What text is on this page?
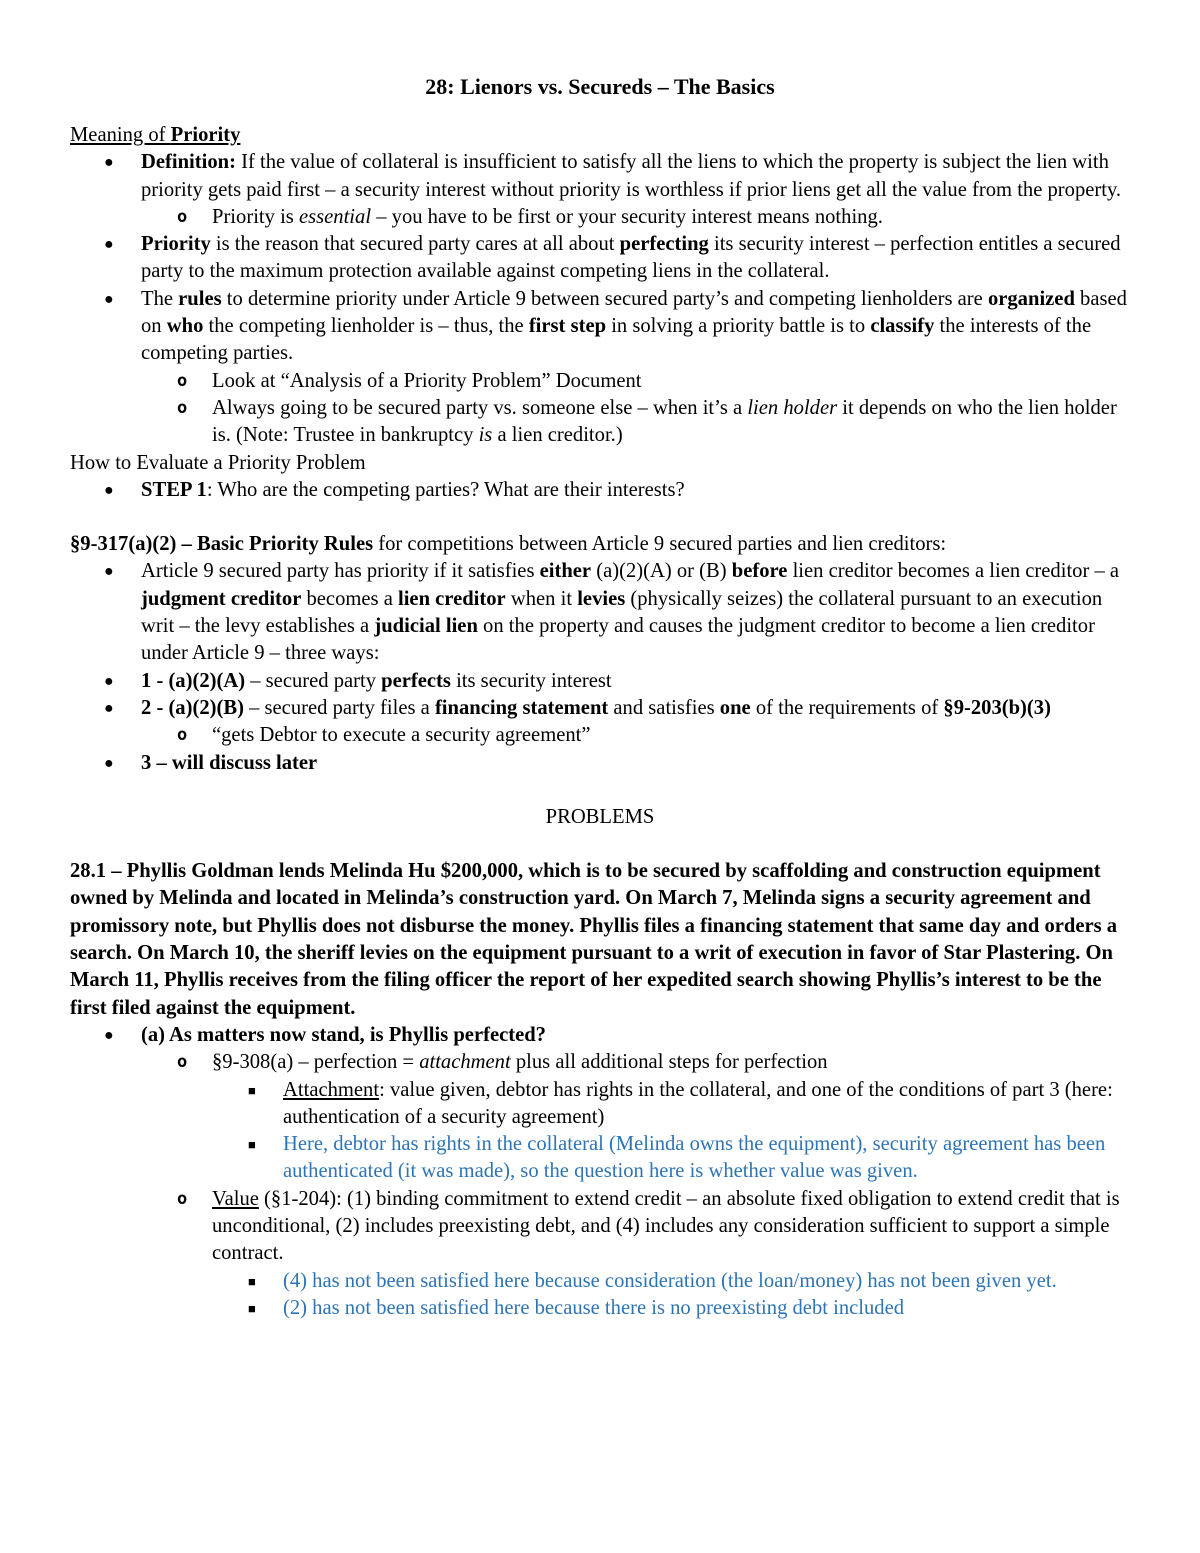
28: Lienors vs. Secureds – The Basics

Meaning of Priority

● Definition: If the value of collateral is insufficient to satisfy all the liens to which the property is subject the lien with priority gets paid first – a security interest without priority is worthless if prior liens get all the value from the property.
o Priority is essential – you have to be first or your security interest means nothing.
● Priority is the reason that secured party cares at all about perfecting its security interest – perfection entitles a secured party to the maximum protection available against competing liens in the collateral.
● The rules to determine priority under Article 9 between secured party’s and competing lienholders are organized based on who the competing lienholder is – thus, the first step in solving a priority battle is to classify the interests of the competing parties.
o Look at “Analysis of a Priority Problem” Document
o Always going to be secured party vs. someone else – when it’s a lien holder it depends on who the lien holder is. (Note: Trustee in bankruptcy is a lien creditor.)

How to Evaluate a Priority Problem

● STEP 1: Who are the competing parties? What are their interests?

§9-317(a)(2) – Basic Priority Rules for competitions between Article 9 secured parties and lien creditors:

● Article 9 secured party has priority if it satisfies either (a)(2)(A) or (B) before lien creditor becomes a lien creditor – a judgment creditor becomes a lien creditor when it levies (physically seizes) the collateral pursuant to an execution writ – the levy establishes a judicial lien on the property and causes the judgment creditor to become a lien creditor under Article 9 – three ways:
● 1 - (a)(2)(A) – secured party perfects its security interest
● 2 - (a)(2)(B) – secured party files a financing statement and satisfies one of the requirements of §9-203(b)(3)
o “gets Debtor to execute a security agreement”
● 3 – will discuss later

PROBLEMS

28.1 – Phyllis Goldman lends Melinda Hu $200,000, which is to be secured by scaffolding and construction equipment owned by Melinda and located in Melinda’s construction yard. On March 7, Melinda signs a security agreement and promissory note, but Phyllis does not disburse the money. Phyllis files a financing statement that same day and orders a search. On March 10, the sheriff levies on the equipment pursuant to a writ of execution in favor of Star Plastering. On March 11, Phyllis receives from the filing officer the report of her expedited search showing Phyllis’s interest to be the first filed against the equipment.

● (a) As matters now stand, is Phyllis perfected?
o §9-308(a) – perfection = attachment plus all additional steps for perfection
■ Attachment: value given, debtor has rights in the collateral, and one of the conditions of part 3 (here: authentication of a security agreement)
■ Here, debtor has rights in the collateral (Melinda owns the equipment), security agreement has been authenticated (it was made), so the question here is whether value was given.
o Value (§1-204): (1) binding commitment to extend credit – an absolute fixed obligation to extend credit that is unconditional, (2) includes preexisting debt, and (4) includes any consideration sufficient to support a simple contract.
■ (4) has not been satisfied here because consideration (the loan/money) has not been given yet.
■ (2) has not been satisfied here because there is no preexisting debt included
